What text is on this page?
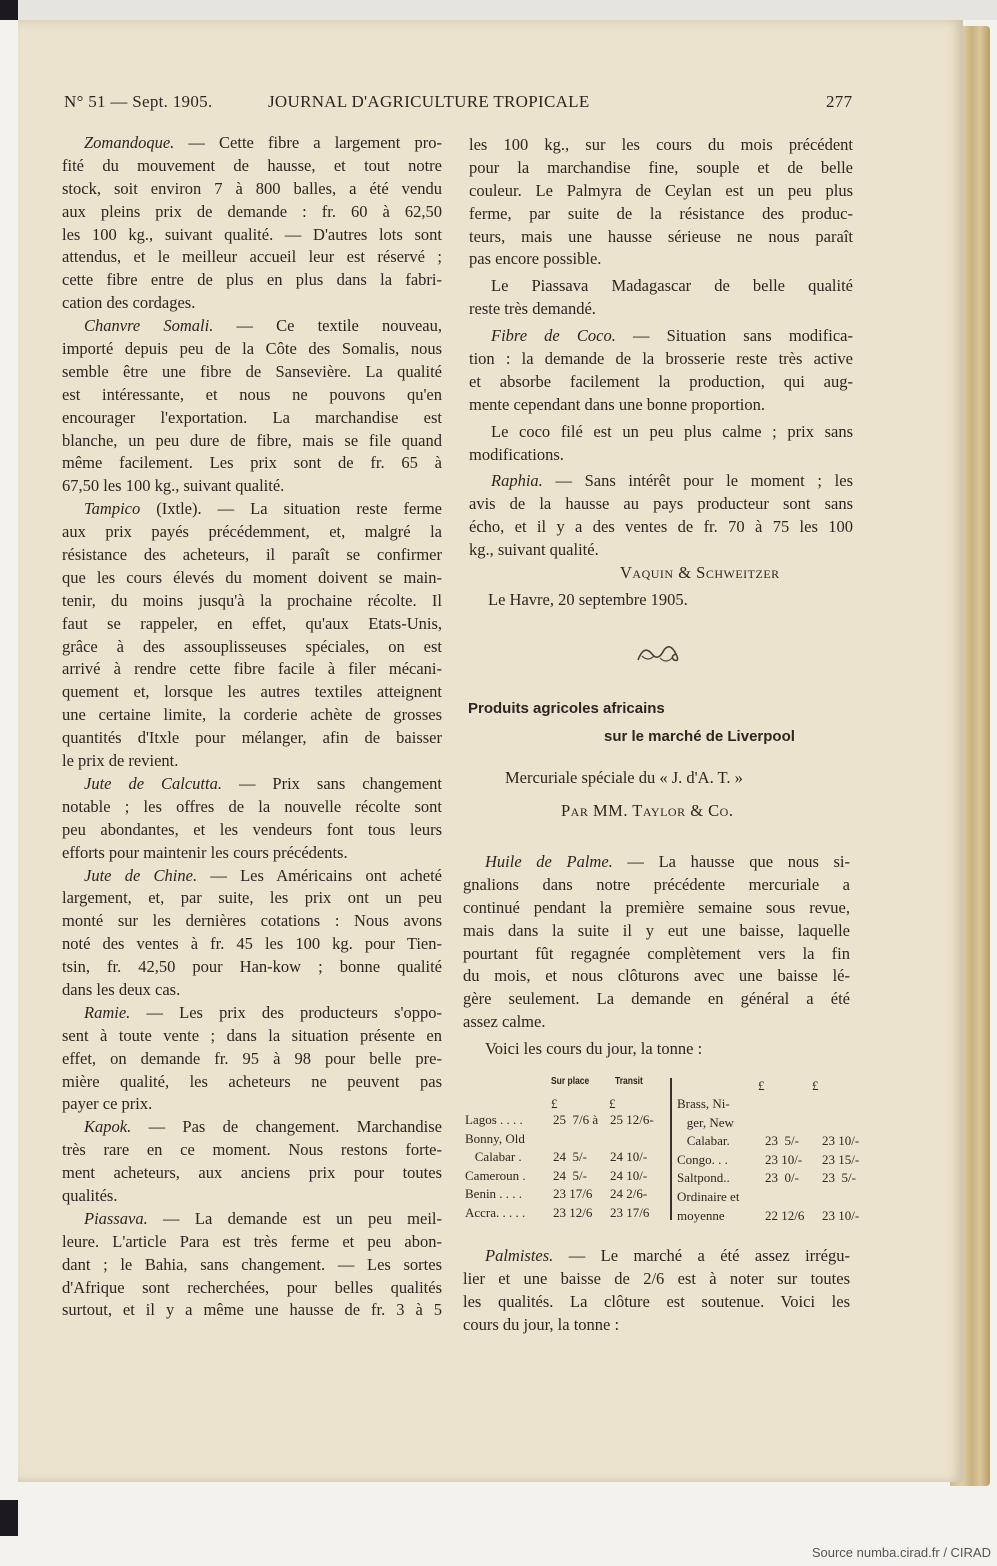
N° 51 — Sept. 1905.	JOURNAL D'AGRICULTURE TROPICALE	277
Zomandoque. — Cette fibre a largement pro-
fité du mouvement de hausse, et tout notre
stock, soit environ 7 à 800 balles, a été vendu
aux pleins prix de demande : fr. 60 à 62,50
les 100 kg., suivant qualité. — D'autres lots sont
attendus, et le meilleur accueil leur est réservé ;
cette fibre entre de plus en plus dans la fabri-
cation des cordages.
Chanvre Somali. — Ce textile nouveau,
importé depuis peu de la Côte des Somalis, nous
semble être une fibre de Sansevière. La qualité
est intéressante, et nous ne pouvons qu'en
encourager l'exportation. La marchandise est
blanche, un peu dure de fibre, mais se file quand
même facilement. Les prix sont de fr. 65 à
67,50 les 100 kg., suivant qualité.
Tampico (Ixtle). — La situation reste ferme
aux prix payés précédemment, et, malgré la
résistance des acheteurs, il paraît se confirmer
que les cours élevés du moment doivent se main-
tenir, du moins jusqu'à la prochaine récolte. Il
faut se rappeler, en effet, qu'aux Etats-Unis,
grâce à des assouplisseuses spéciales, on est
arrivé à rendre cette fibre facile à filer mécani-
quement et, lorsque les autres textiles atteignent
une certaine limite, la corderie achète de grosses
quantités d'Itxle pour mélanger, afin de baisser
le prix de revient.
Jute de Calcutta. — Prix sans changement
notable ; les offres de la nouvelle récolte sont
peu abondantes, et les vendeurs font tous leurs
efforts pour maintenir les cours précédents.
Jute de Chine. — Les Américains ont acheté
largement, et, par suite, les prix ont un peu
monté sur les dernières cotations : Nous avons
noté des ventes à fr. 45 les 100 kg. pour Tien-
tsin, fr. 42,50 pour Han-kow ; bonne qualité
dans les deux cas.
Ramie. — Les prix des producteurs s'oppo-
sent à toute vente ; dans la situation présente en
effet, on demande fr. 95 à 98 pour belle pre-
mière qualité, les acheteurs ne peuvent pas
payer ce prix.
Kapok. — Pas de changement. Marchandise
très rare en ce moment. Nous restons forte-
ment acheteurs, aux anciens prix pour toutes
qualités.
Piassava. — La demande est un peu meil-
leure. L'article Para est très ferme et peu abon-
dant ; le Bahia, sans changement. — Les sortes
d'Afrique sont recherchées, pour belles qualités
surtout, et il y a même une hausse de fr. 3 à 5
les 100 kg., sur les cours du mois précédent
pour la marchandise fine, souple et de belle
couleur. Le Palmyra de Ceylan est un peu plus
ferme, par suite de la résistance des produc-
teurs, mais une hausse sérieuse ne nous paraît
pas encore possible.
Le Piassava Madagascar de belle qualité
reste très demandé.
Fibre de Coco. — Situation sans modifica-
tion : la demande de la brosserie reste très active
et absorbe facilement la production, qui aug-
mente cependant dans une bonne proportion.
Le coco filé est un peu plus calme ; prix sans
modifications.
Raphia. — Sans intérêt pour le moment ; les
avis de la hausse au pays producteur sont sans
écho, et il y a des ventes de fr. 70 à 75 les 100
kg., suivant qualité.
Vaquin & Schweitzer
Le Havre, 20 septembre 1905.
Produits agricoles africains
sur le marché de Liverpool
Mercuriale spéciale du « J. d'A. T. »
Par MM. Taylor & Co.
Huile de Palme. — La hausse que nous si-
gnalions dans notre précédente mercuriale a
continué pendant la première semaine sous revue,
mais dans la suite il y eut une baisse, laquelle
pourtant fût regagnée complètement vers la fin
du mois, et nous clôturons avec une baisse lé-
gère seulement. La demande en général a été
assez calme.
Voici les cours du jour, la tonne :
Sur place	Transit
£	£
£	£
Lagos . . . . 25  7/6 à 25 12/6-
Bonny, Old
Calabar . 24  5/- 24 10/-
Cameroun . 24  5/- 24 10/-
Benin . . . . 23 17/6 24 2/6-
Accra. . . . . 23 12/6 23 17/6
Brass, Ni-
ger, New
Calabar.	23  5/- 23 10/-
Congo. . .	23 10/- 23 15/-
Saltpond..	23  0/- 23  5/-
Ordinaire et
moyenne	22 12/6 23 10/-
Source numba.cirad.fr / CIRAD
Palmistes. — Le marché a été assez irrégu-
lier et une baisse de 2/6 est à noter sur toutes
les qualités. La clôture est soutenue. Voici les
cours du jour, la tonne :
